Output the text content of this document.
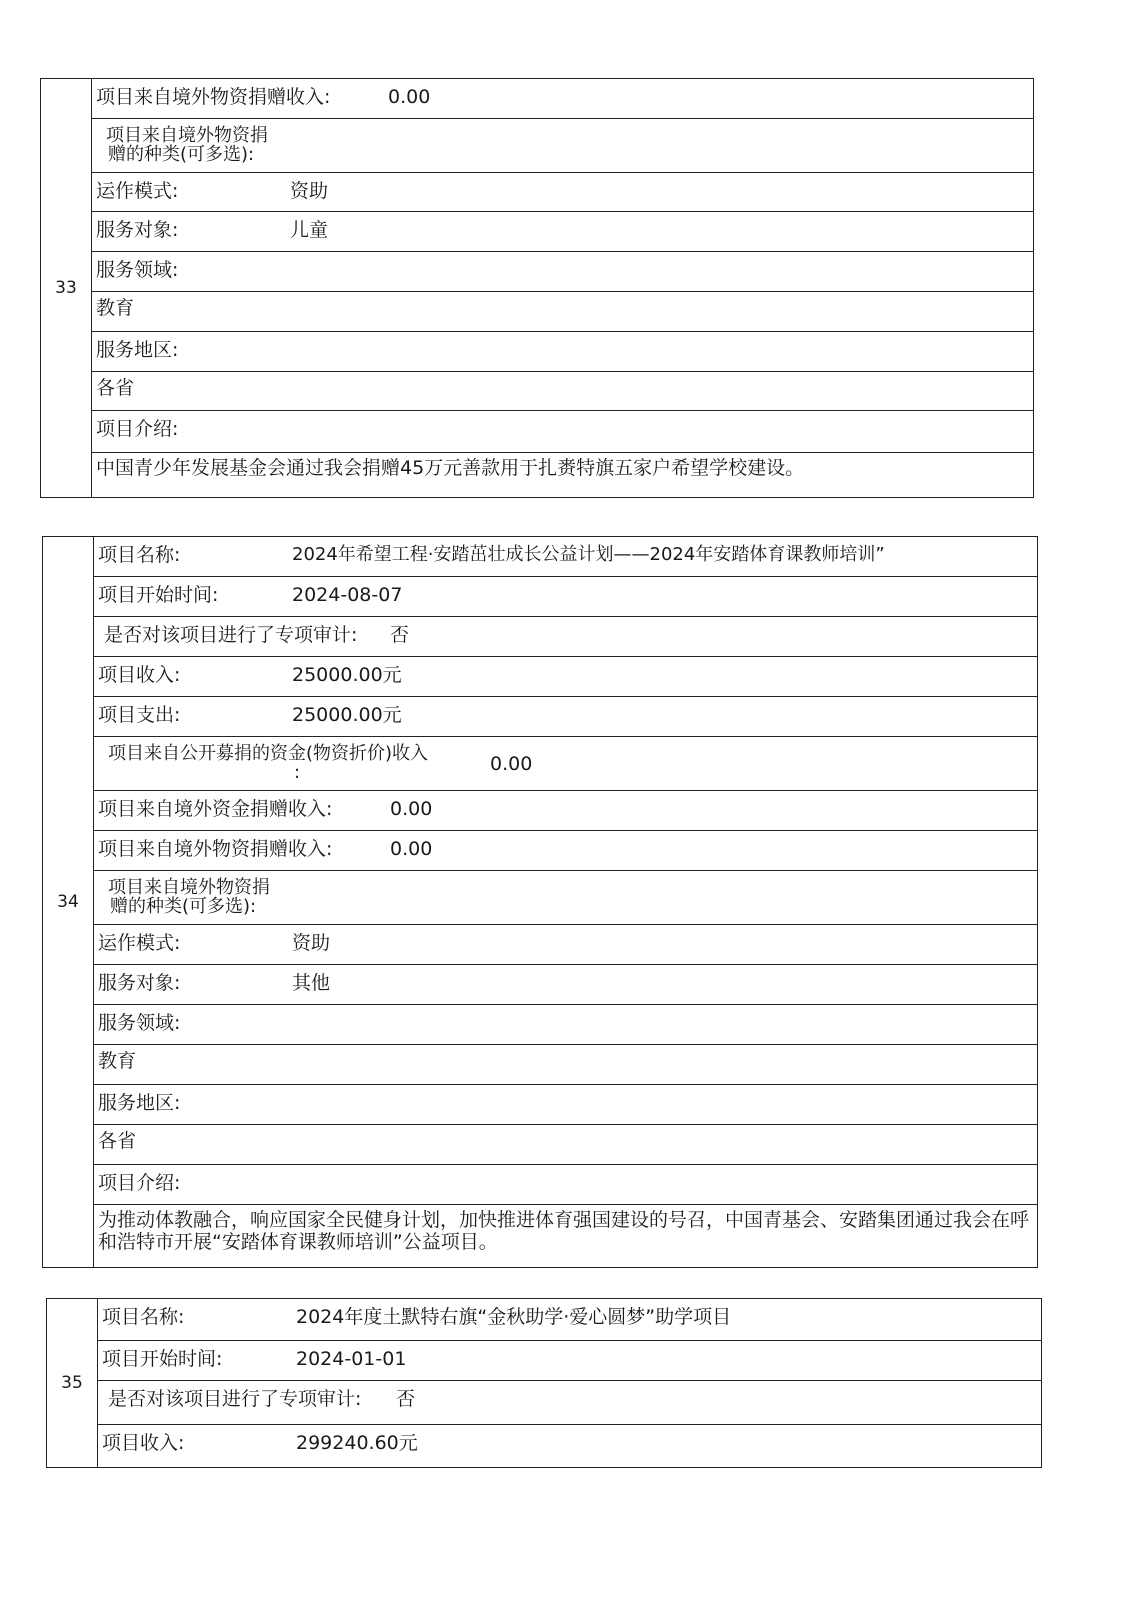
33
项目来自境外物资捐赠收入:	0.00
项目来自境外物资捐
赠的种类(可多选):
运作模式:	资助
服务对象:	儿童
服务领域:
教育
服务地区:
各省
项目介绍:
中国青少年发展基金会通过我会捐赠45万元善款用于扎赉特旗五家户希望学校建设。
34
项目名称:	2024年希望工程·安踏茁壮成长公益计划——2024年安踏体育课教师培训”
项目开始时间:	2024-08-07
是否对该项目进行了专项审计: 否
项目收入:	25000.00元
项目支出:	25000.00元
项目来自公开募捐的资金(物资折价)收入
:	0.00
项目来自境外资金捐赠收入:	0.00
项目来自境外物资捐赠收入:	0.00
项目来自境外物资捐
赠的种类(可多选):
运作模式:	资助
服务对象:	其他
服务领域:
教育
服务地区:
各省
项目介绍:
为推动体教融合，响应国家全民健身计划，加快推进体育强国建设的号召，中国青基会、安踏集团通过我会在呼和浩特市开展“安踏体育课教师培训”公益项目。
35
项目名称:	2024年度土默特右旗“金秋助学·爱心圆梦”助学项目
项目开始时间:	2024-01-01
是否对该项目进行了专项审计: 否
项目收入:	299240.60元
